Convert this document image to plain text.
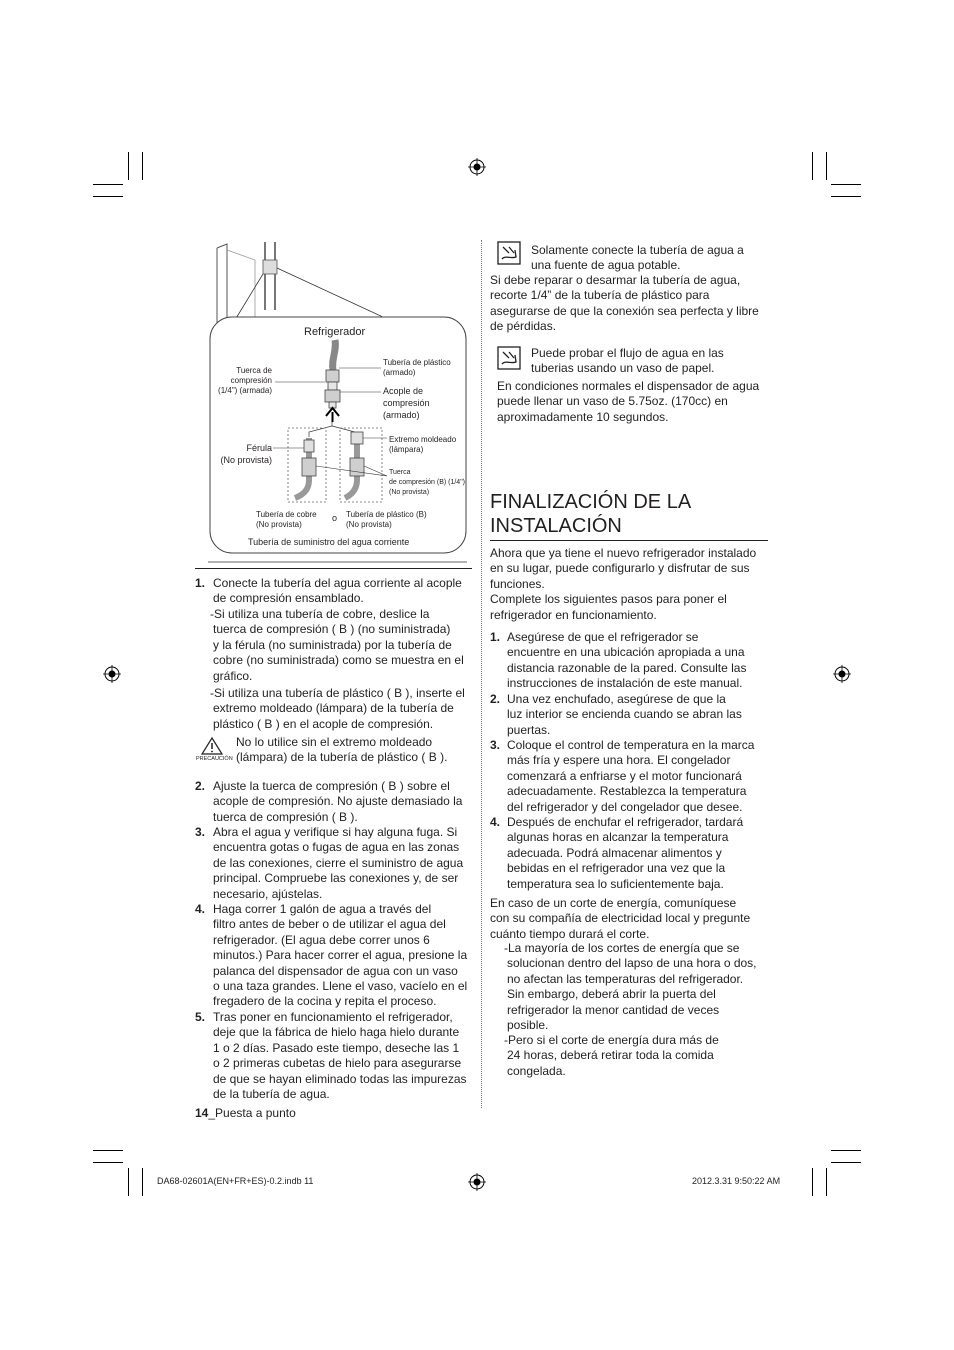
Refrigerador
Tuerca de
compresión
(1/4") (armada)
Tubería de plástico
(armado)
Acople de
compresión
(armado)
Férula
(No provista)
Extremo moldeado
(lámpara)
Tuerca
de compresión (B) (1/4")
(No provista)
Tubería de cobre
(No provista)
o Tubería de plástico (B)
(No provista)
Tubería de suministro del agua corriente
1. Conecte la tubería del agua corriente al acople
de compresión ensamblado.
-Si utiliza una tubería de cobre, deslice la
tuerca de compresión ( B ) (no suministrada)
y la férula (no suministrada) por la tubería de
cobre (no suministrada) como se muestra en el
gráfico.
-Si utiliza una tubería de plástico ( B ), inserte el
extremo moldeado (lámpara) de la tubería de
plástico ( B ) en el acople de compresión.
PRECAUCIÓN
No lo utilice sin el extremo moldeado
(lámpara) de la tubería de plástico ( B ).
2. Ajuste la tuerca de compresión ( B ) sobre el
acople de compresión. No ajuste demasiado la
tuerca de compresión ( B ).
3. Abra el agua y verifique si hay alguna fuga. Si
encuentra gotas o fugas de agua en las zonas
de las conexiones, cierre el suministro de agua
principal. Compruebe las conexiones y, de ser
necesario, ajústelas.
4. Haga correr 1 galón de agua a través del
filtro antes de beber o de utilizar el agua del
refrigerador. (El agua debe correr unos 6
minutos.) Para hacer correr el agua, presione la
palanca del dispensador de agua con un vaso
o una taza grandes. Llene el vaso, vacíelo en el
fregadero de la cocina y repita el proceso.
5. Tras poner en funcionamiento el refrigerador,
deje que la fábrica de hielo haga hielo durante
1 o 2 días. Pasado este tiempo, deseche las 1
o 2 primeras cubetas de hielo para asegurarse
de que se hayan eliminado todas las impurezas
de la tubería de agua.
14_Puesta a punto
Solamente conecte la tubería de agua a
una fuente de agua potable.
Si debe reparar o desarmar la tubería de agua,
recorte 1/4” de la tubería de plástico para
asegurarse de que la conexión sea perfecta y libre
de pérdidas.
Puede probar el flujo de agua en las
tuberias usando un vaso de papel.
En condiciones normales el dispensador de agua
puede llenar un vaso de 5.75oz. (170cc) en
aproximadamente 10 segundos.
FINALIZACIÓN DE LA
INSTALACIÓN
Ahora que ya tiene el nuevo refrigerador instalado
en su lugar, puede configurarlo y disfrutar de sus
funciones.
Complete los siguientes pasos para poner el
refrigerador en funcionamiento.
1. Asegúrese de que el refrigerador se
encuentre en una ubicación apropiada a una
distancia razonable de la pared. Consulte las
instrucciones de instalación de este manual.
2. Una vez enchufado, asegúrese de que la
luz interior se encienda cuando se abran las
puertas.
3. Coloque el control de temperatura en la marca
más fría y espere una hora. El congelador
comenzará a enfriarse y el motor funcionará
adecuadamente. Restablezca la temperatura
del refrigerador y del congelador que desee.
4. Después de enchufar el refrigerador, tardará
algunas horas en alcanzar la temperatura
adecuada. Podrá almacenar alimentos y
bebidas en el refrigerador una vez que la
temperatura sea lo suficientemente baja.
En caso de un corte de energía, comuníquese
con su compañía de electricidad local y pregunte
cuánto tiempo durará el corte.
-La mayoría de los cortes de energía que se
solucionan dentro del lapso de una hora o dos,
no afectan las temperaturas del refrigerador.
Sin embargo, deberá abrir la puerta del
refrigerador la menor cantidad de veces
posible.
-Pero si el corte de energía dura más de
24 horas, deberá retirar toda la comida
congelada.
DA68-02601A(EN+FR+ES)-0.2.indb 11	2012.3.31 9:50:22 AM
